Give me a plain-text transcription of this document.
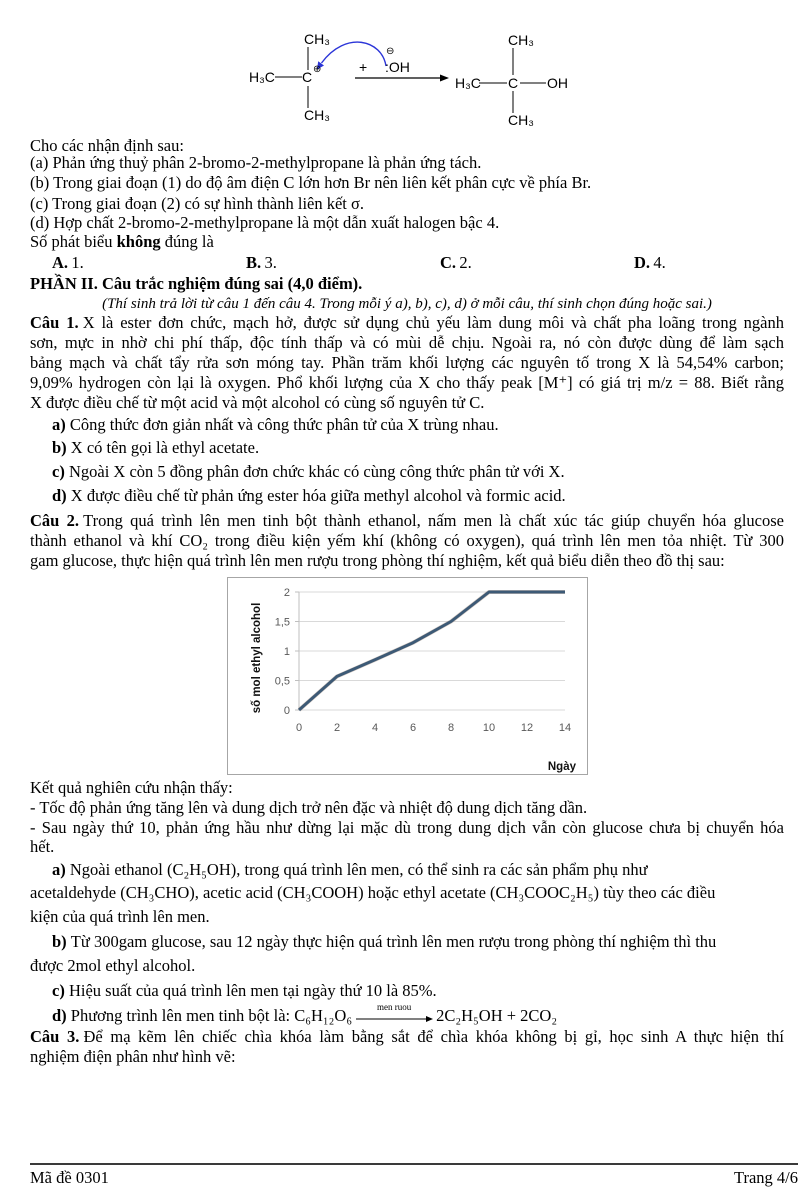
CH₃
H₃C C ⊕
CH₃
+ :OH
⊖
CH₃
H₃C C OH
CH₃
Cho các nhận định sau:
(a) Phản ứng thuỷ phân 2-bromo-2-methylpropane là phản ứng tách.
(b) Trong giai đoạn (1) do độ âm điện C lớn hơn Br nên liên kết phân cực về phía Br.
(c) Trong giai đoạn (2) có sự hình thành liên kết σ.
(d) Hợp chất 2-bromo-2-methylpropane là một dẫn xuất halogen bậc 4.
Số phát biểu không đúng là
A. 1.	B. 3.	C. 2.	D. 4.
PHẦN II. Câu trắc nghiệm đúng sai (4,0 điểm).
(Thí sinh trả lời từ câu 1 đến câu 4. Trong mỗi ý a), b), c), d) ở mỗi câu, thí sinh chọn đúng hoặc sai.)
Câu 1. X là ester đơn chức, mạch hở, được sử dụng chủ yếu làm dung môi và chất pha loãng trong ngành
sơn, mực in nhờ chi phí thấp, độc tính thấp và có mùi dễ chịu. Ngoài ra, nó còn được dùng để làm sạch
bảng mạch và chất tẩy rửa sơn móng tay. Phần trăm khối lượng các nguyên tố trong X là 54,54% carbon;
9,09% hydrogen còn lại là oxygen. Phổ khối lượng của X cho thấy peak [M⁺] có giá trị m/z = 88. Biết rằng
X được điều chế từ một acid và một alcohol có cùng số nguyên tử C.
a) Công thức đơn giản nhất và công thức phân tử của X trùng nhau.
b) X có tên gọi là ethyl acetate.
c) Ngoài X còn 5 đồng phân đơn chức khác có cùng công thức phân tử với X.
d) X được điều chế từ phản ứng ester hóa giữa methyl alcohol và formic acid.
Câu 2. Trong quá trình lên men tinh bột thành ethanol, nấm men là chất xúc tác giúp chuyển hóa glucose
thành ethanol và khí CO₂ trong điều kiện yếm khí (không có oxygen), quá trình lên men tỏa nhiệt. Từ 300
gam glucose, thực hiện quá trình lên men rượu trong phòng thí nghiệm, kết quả biểu diễn theo đồ thị sau:
0
0,5
1
1,5
2
0	2	4	6	8	10 12 14
số mol ethyl alcohol
Ngày
Kết quả nghiên cứu nhận thấy:
- Tốc độ phản ứng tăng lên và dung dịch trở nên đặc và nhiệt độ dung dịch tăng dần.
- Sau ngày thứ 10, phản ứng hầu như dừng lại mặc dù trong dung dịch vẫn còn glucose chưa bị chuyển hóa
hết.
a) Ngoài ethanol (C₂H₅OH), trong quá trình lên men, có thể sinh ra các sản phẩm phụ như
acetaldehyde (CH₃CHO), acetic acid (CH₃COOH) hoặc ethyl acetate (CH₃COOC₂H₅) tùy theo các điều
kiện của quá trình lên men.
b) Từ 300gam glucose, sau 12 ngày thực hiện quá trình lên men rượu trong phòng thí nghiệm thì thu
được 2mol ethyl alcohol.
c) Hiệu suất của quá trình lên men tại ngày thứ 10 là 85%.
d) Phương trình lên men tinh bột là: C₆H₁₂O₆	men ruou	2C₂H₅OH + 2CO₂
Câu 3. Để mạ kẽm lên chiếc chìa khóa làm bằng sắt để chìa khóa không bị gỉ, học sinh A thực hiện thí
nghiệm điện phân như hình vẽ:
Mã đề 0301	Trang 4/6
